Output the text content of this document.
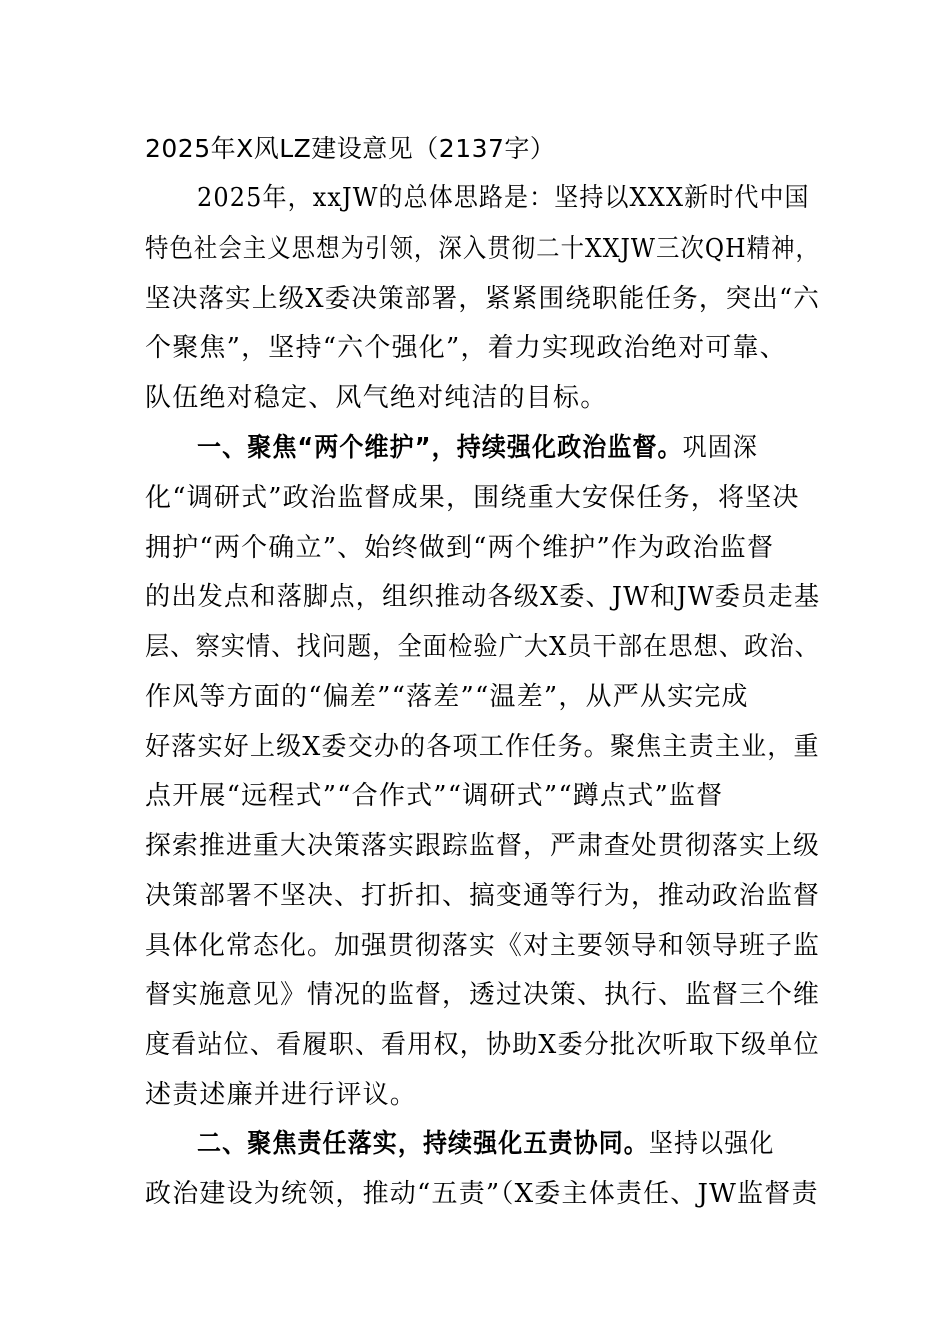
2025年X风LZ建设意见（2137字）
2025年，xxJW的总体思路是：坚持以XXX新时代中国
特色社会主义思想为引领，深入贯彻二十XXJW三次QH精神，
坚决落实上级X委决策部署，紧紧围绕职能任务，突出“六
个聚焦”，坚持“六个强化”，着力实现政治绝对可靠、
队伍绝对稳定、风气绝对纯洁的目标。
一、聚焦“两个维护”，持续强化政治监督。巩固深
化“调研式”政治监督成果，围绕重大安保任务，将坚决
拥护“两个确立”、始终做到“两个维护”作为政治监督
的出发点和落脚点，组织推动各级X委、JW和JW委员走基
层、察实情、找问题，全面检验广大X员干部在思想、政治、
作风等方面的“偏差”“落差”“温差”，从严从实完成
好落实好上级X委交办的各项工作任务。聚焦主责主业，重
点开展“远程式”“合作式”“调研式”“蹲点式”监督
探索推进重大决策落实跟踪监督，严肃查处贯彻落实上级
决策部署不坚决、打折扣、搞变通等行为，推动政治监督
具体化常态化。加强贯彻落实《对主要领导和领导班子监
督实施意见》情况的监督，透过决策、执行、监督三个维
度看站位、看履职、看用权，协助X委分批次听取下级单位
述责述廉并进行评议。
二、聚焦责任落实，持续强化五责协同。坚持以强化
政治建设为统领，推动“五责”（X委主体责任、JW监督责
